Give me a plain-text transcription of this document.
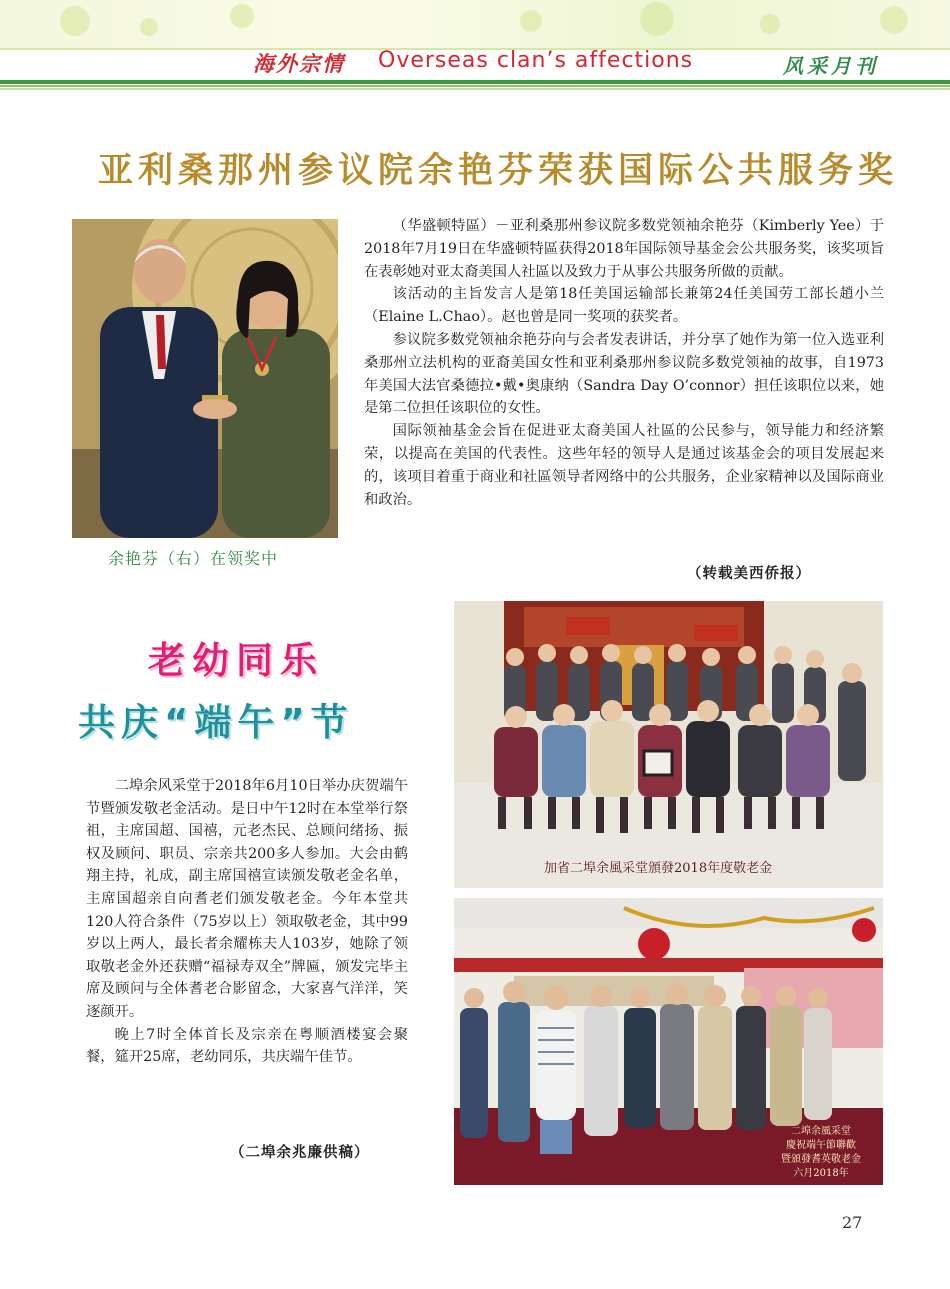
海外宗情 Overseas clan’s affections	风采月刊
亚利桑那州参议院余艳芬荣获国际公共服务奖
余艳芬（右）在领奖中

（华盛顿特區）－亚利桑那州参议院多数党领袖余艳芬（Kimberly Yee）于2018年7月19日在华盛顿特區获得2018年国际领导基金会公共服务奖，该奖项旨在表彰她对亚太裔美国人社區以及致力于从事公共服务所做的贡献。

该活动的主旨发言人是第18任美国运输部长兼第24任美国劳工部长趙小兰（Elaine L.Chao）。赵也曾是同一奖项的获奖者。

参议院多数党领袖余艳芬向与会者发表讲话，并分享了她作为第一位入选亚利桑那州立法机构的亚裔美国女性和亚利桑那州参议院多数党领袖的故事，自1973年美国大法官桑德拉•戴•奥康纳（Sandra Day O’connor）担任该职位以来，她是第二位担任该职位的女性。

国际领袖基金会旨在促进亚太裔美国人社區的公民参与，领导能力和经济繁荣，以提高在美国的代表性。这些年轻的领导人是通过该基金会的项目发展起来的，该项目着重于商业和社區领导者网络中的公共服务，企业家精神以及国际商业和政治。

（转载美西侨报）
老幼同乐
共庆“端午”节

二埠余风采堂于2018年6月10日举办庆贺端午节暨颁发敬老金活动。是日中午12时在本堂举行祭祖，主席国超、国禧，元老杰民、总顾问绪扬、振权及顾问、职员、宗亲共200多人参加。大会由鹤翔主持，礼成，副主席国禧宣读颁发敬老金名单，主席国超亲自向耆老们颁发敬老金。今年本堂共120人符合条件（75岁以上）领取敬老金，其中99岁以上两人，最长者余耀栋夫人103岁，她除了领取敬老金外还获赠“福禄寿双全”牌匾，颁发完毕主席及顾问与全体耆老合影留念，大家喜气洋洋，笑逐颜开。

晚上7时全体首长及宗亲在粤顺酒楼宴会聚餐，筵开25席，老幼同乐，共庆端午佳节。

（二埠余兆廉供稿）
加省二埠余風采堂頒發2018年度敬老金
二埠余風采堂
慶祝端午節聯歡
暨頒發耆英敬老金
六月2018年
27
